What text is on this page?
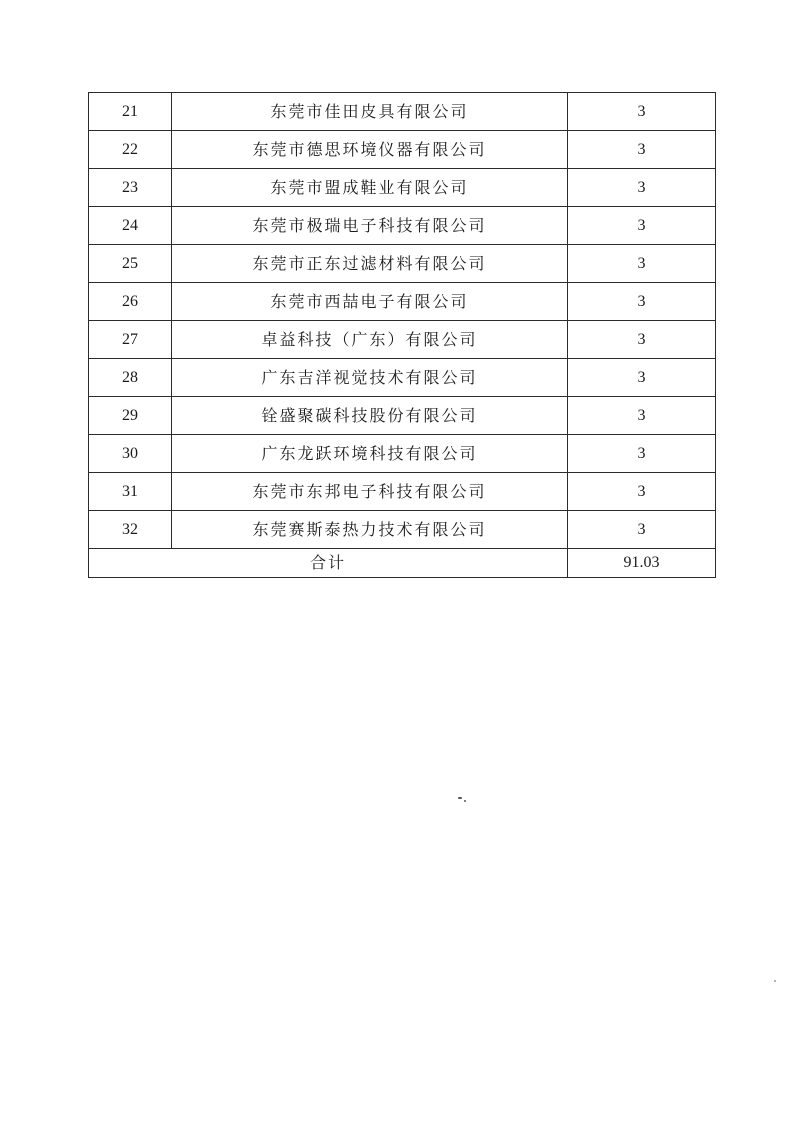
21	东莞市佳田皮具有限公司	3
22	东莞市德思环境仪器有限公司	3
23	东莞市盟成鞋业有限公司	3
24	东莞市极瑞电子科技有限公司	3
25	东莞市正东过滤材料有限公司	3
26	东莞市西喆电子有限公司	3
27	卓益科技（广东）有限公司	3
28	广东吉洋视觉技术有限公司	3
29	铨盛聚碳科技股份有限公司	3
30	广东龙跃环境科技有限公司	3
31	东莞市东邦电子科技有限公司	3
32	东莞赛斯泰热力技术有限公司	3
合计		91.03
